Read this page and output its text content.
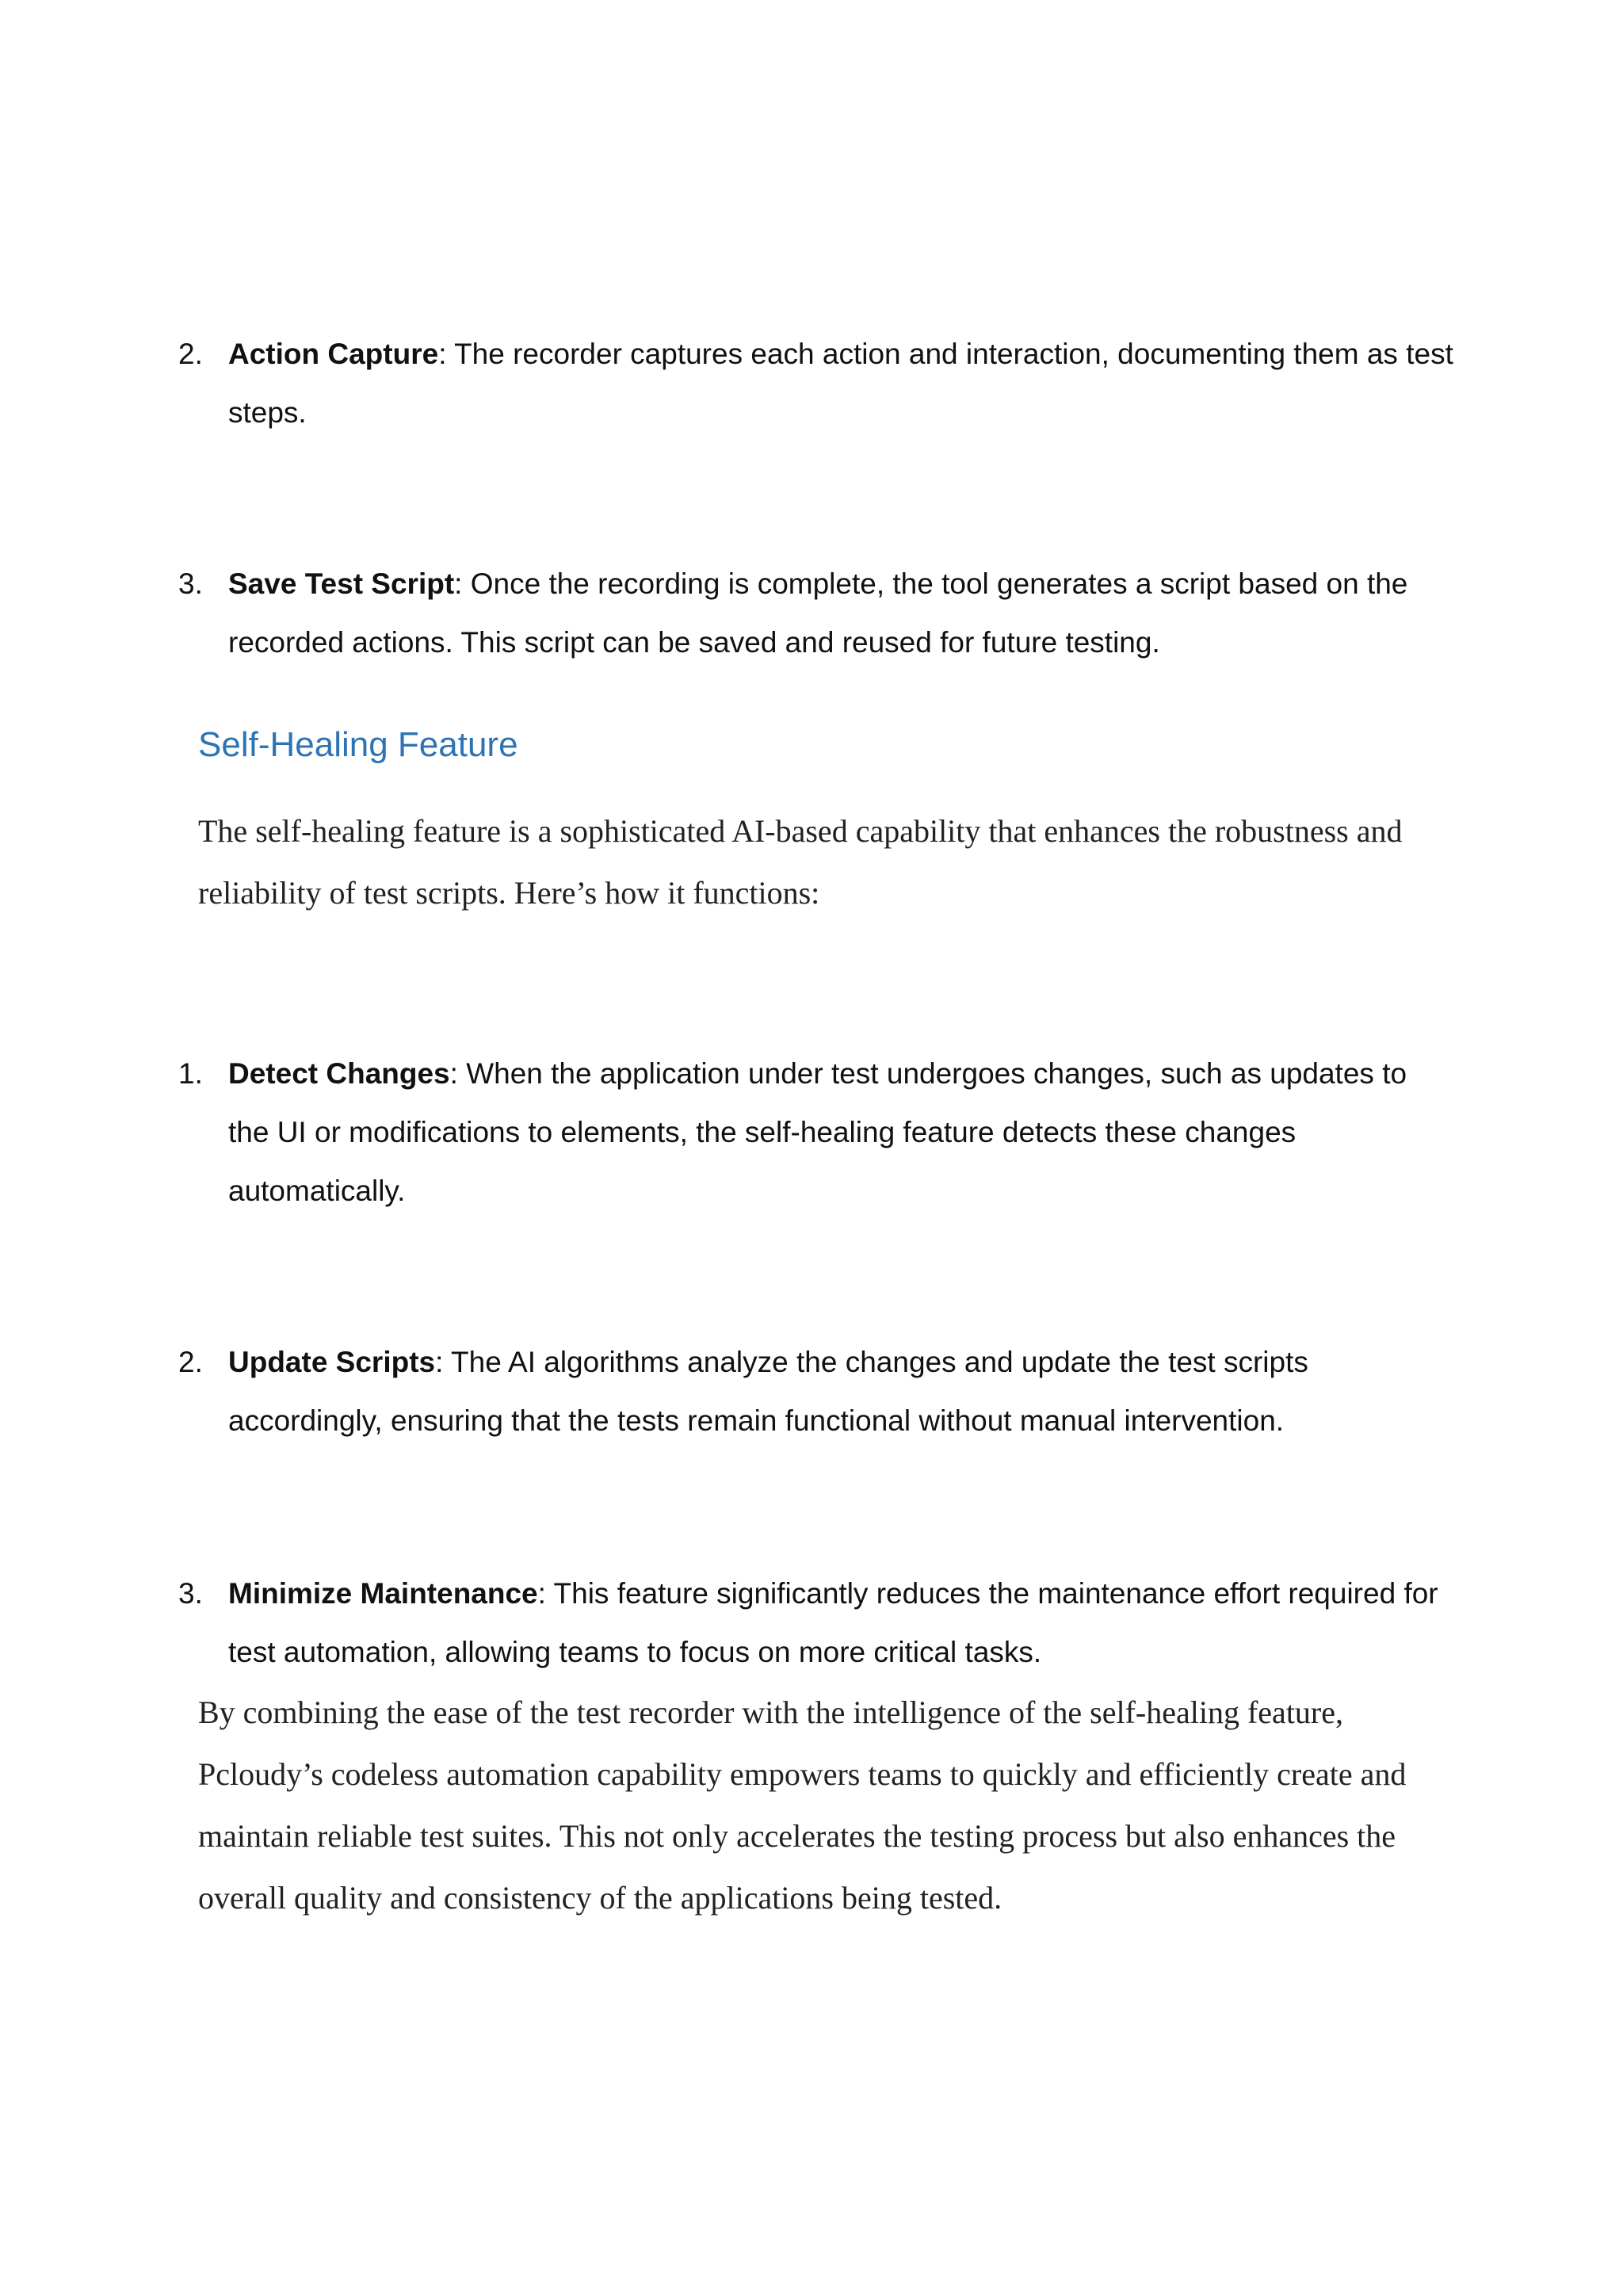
2. Action Capture: The recorder captures each action and interaction, documenting them as test steps.
3. Save Test Script: Once the recording is complete, the tool generates a script based on the recorded actions. This script can be saved and reused for future testing.
Self-Healing Feature

The self-healing feature is a sophisticated AI-based capability that enhances the robustness and reliability of test scripts. Here’s how it functions:

1. Detect Changes: When the application under test undergoes changes, such as updates to the UI or modifications to elements, the self-healing feature detects these changes automatically.
2. Update Scripts: The AI algorithms analyze the changes and update the test scripts accordingly, ensuring that the tests remain functional without manual intervention.
3. Minimize Maintenance: This feature significantly reduces the maintenance effort required for test automation, allowing teams to focus on more critical tasks.

By combining the ease of the test recorder with the intelligence of the self-healing feature, Pcloudy’s codeless automation capability empowers teams to quickly and efficiently create and maintain reliable test suites. This not only accelerates the testing process but also enhances the overall quality and consistency of the applications being tested.
